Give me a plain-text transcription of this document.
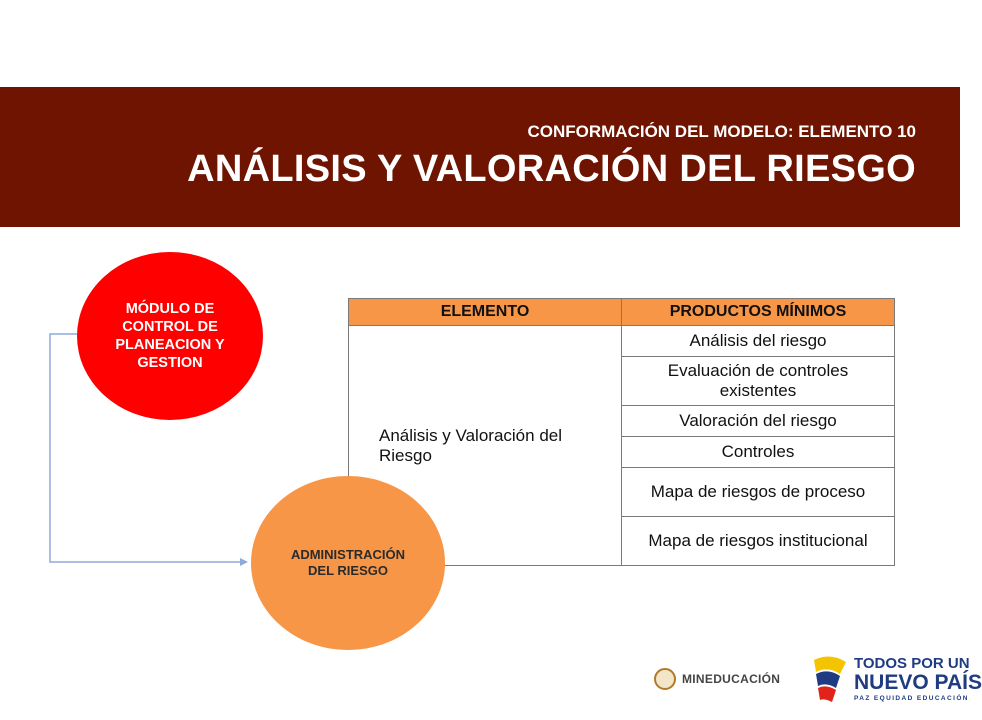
CONFORMACIÓN DEL MODELO: ELEMENTO 10
ANÁLISIS Y VALORACIÓN DEL RIESGO
MÓDULO DE
CONTROL DE
PLANEACION Y
GESTION
ELEMENTO	PRODUCTOS MÍNIMOS
Análisis y Valoración del Riesgo	Análisis del riesgo
	Evaluación de controles existentes
	Valoración del riesgo
	Controles
	Mapa de riesgos de proceso
	Mapa de riesgos institucional
ADMINISTRACIÓN
DEL RIESGO
MINEDUCACIÓN
TODOS POR UN
NUEVO PAÍS
PAZ EQUIDAD EDUCACIÓN
